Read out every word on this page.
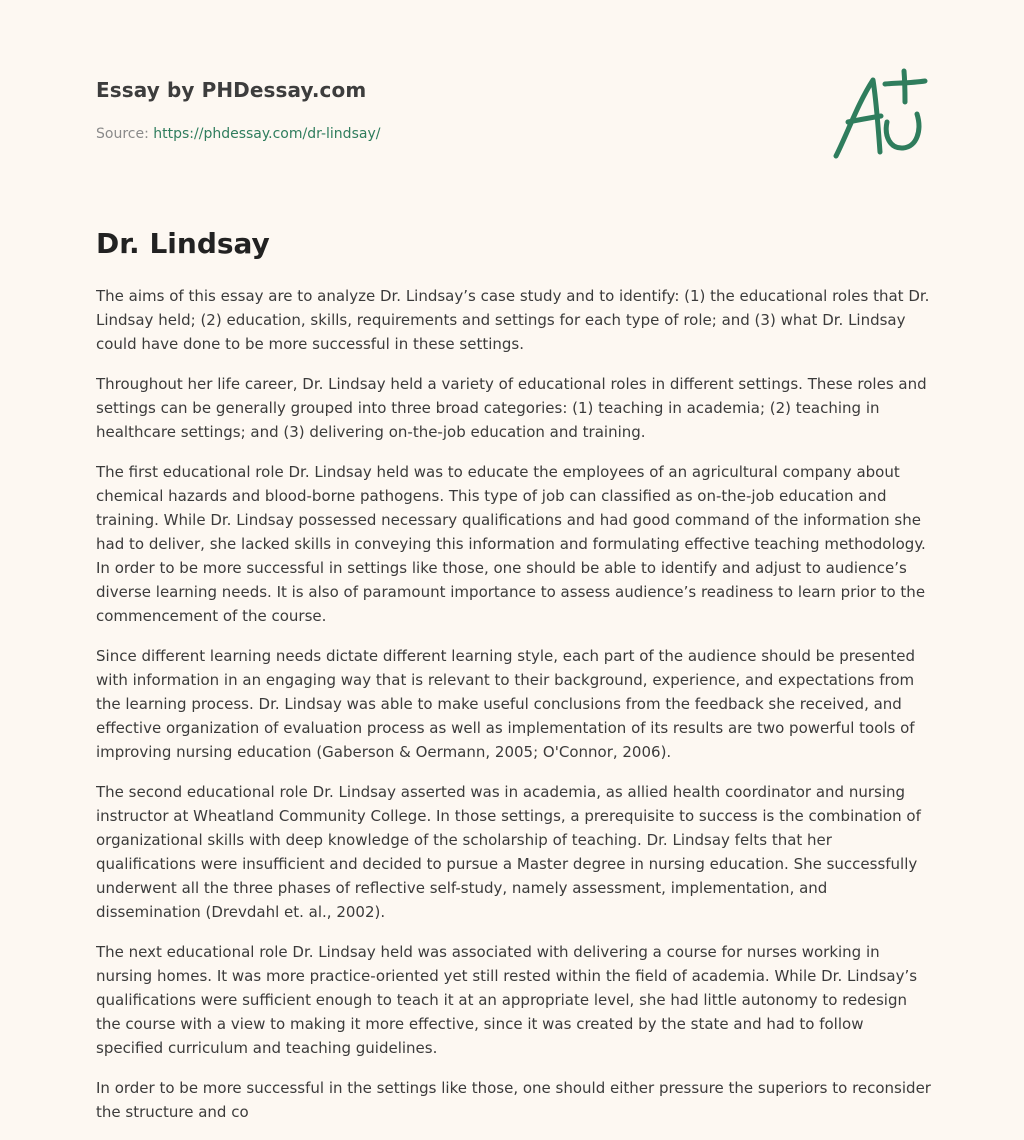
Essay by PHDessay.com
Source: https://phdessay.com/dr-lindsay/
Dr. Lindsay

The aims of this essay are to analyze Dr. Lindsay’s case study and to identify: (1) the educational roles that Dr. Lindsay held; (2) education, skills, requirements and settings for each type of role; and (3) what Dr. Lindsay could have done to be more successful in these settings.

Throughout her life career, Dr. Lindsay held a variety of educational roles in different settings. These roles and settings can be generally grouped into three broad categories: (1) teaching in academia; (2) teaching in healthcare settings; and (3) delivering on-the-job education and training.

The first educational role Dr. Lindsay held was to educate the employees of an agricultural company about chemical hazards and blood-borne pathogens. This type of job can classified as on-the-job education and training. While Dr. Lindsay possessed necessary qualifications and had good command of the information she had to deliver, she lacked skills in conveying this information and formulating effective teaching methodology. In order to be more successful in settings like those, one should be able to identify and adjust to audience’s diverse learning needs. It is also of paramount importance to assess audience’s readiness to learn prior to the commencement of the course.

Since different learning needs dictate different learning style, each part of the audience should be presented with information in an engaging way that is relevant to their background, experience, and expectations from the learning process. Dr. Lindsay was able to make useful conclusions from the feedback she received, and effective organization of evaluation process as well as implementation of its results are two powerful tools of improving nursing education (Gaberson & Oermann, 2005; O'Connor, 2006).

The second educational role Dr. Lindsay asserted was in academia, as allied health coordinator and nursing instructor at Wheatland Community College. In those settings, a prerequisite to success is the combination of organizational skills with deep knowledge of the scholarship of teaching. Dr. Lindsay felts that her qualifications were insufficient and decided to pursue a Master degree in nursing education. She successfully underwent all the three phases of reflective self-study, namely assessment, implementation, and dissemination (Drevdahl et. al., 2002).

The next educational role Dr. Lindsay held was associated with delivering a course for nurses working in nursing homes. It was more practice-oriented yet still rested within the field of academia. While Dr. Lindsay’s qualifications were sufficient enough to teach it at an appropriate level, she had little autonomy to redesign the course with a view to making it more effective, since it was created by the state and had to follow specified curriculum and teaching guidelines.

In order to be more successful in the settings like those, one should either pressure the superiors to reconsider the structure and co
